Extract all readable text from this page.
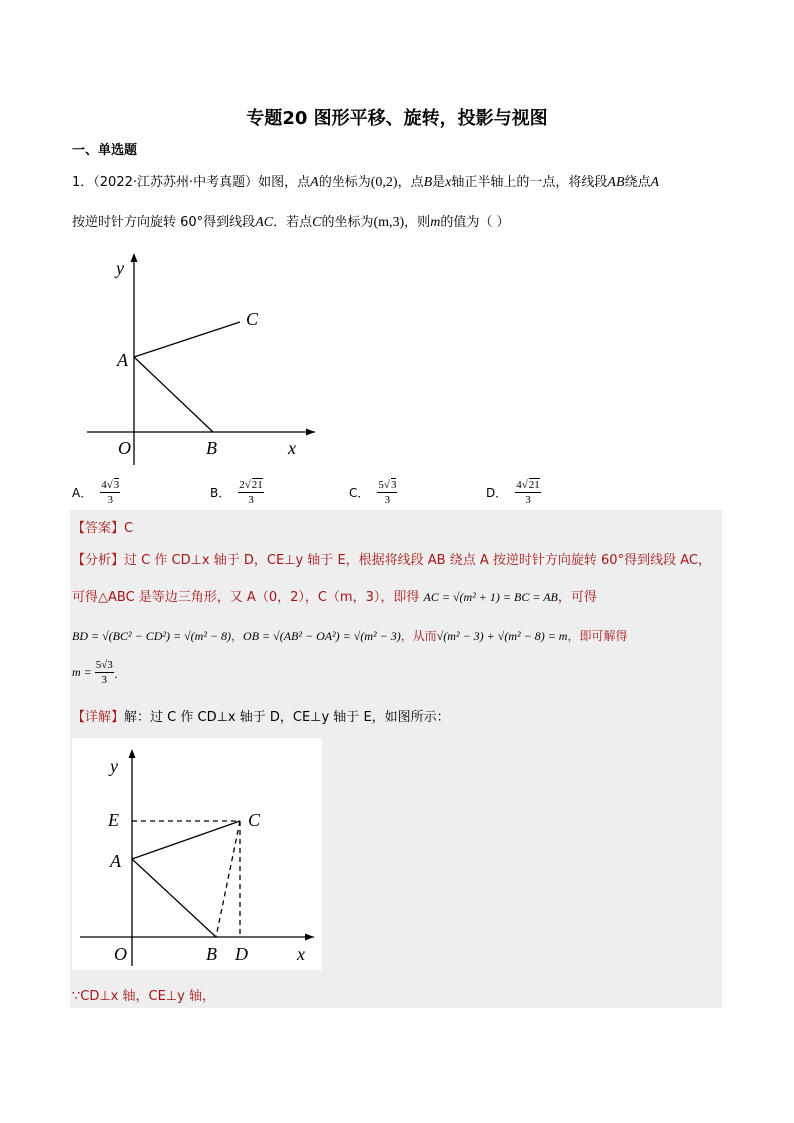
专题20 图形平移、旋转，投影与视图
一、单选题
1．（2022·江苏苏州·中考真题）如图，点A的坐标为(0,2)，点B是x轴正半轴上的一点，将线段AB绕点A
按逆时针方向旋转 60°得到线段AC．若点C的坐标为(m,3)，则m的值为（ ）
y
C
A
O	B	x
A． $\frac{4√3}{3}$	B． $\frac{2√21}{3}$	C． $\frac{5√3}{3}$	D． $\frac{4√21}{3}$
【答案】C
【分析】过 C 作 CD⊥x 轴于 D，CE⊥y 轴于 E，根据将线段 AB 绕点 A 按逆时针方向旋转 60°得到线段 AC，
可得△ABC 是等边三角形，又 A（0，2），C（m，3），即得 AC = √(m² + 1) = BC = AB，可得
BD = √(BC² − CD²) = √(m² − 8)，OB = √(AB² − OA²) = √(m² − 3)，从而√(m² − 3) + √(m² − 8) = m，即可解得
$m = \frac{5√3}{3}$ ．
【详解】解：过 C 作 CD⊥x 轴于 D，CE⊥y 轴于 E，如图所示：
y
E	C
A
O	B D	x
∵CD⊥x 轴，CE⊥y 轴，
